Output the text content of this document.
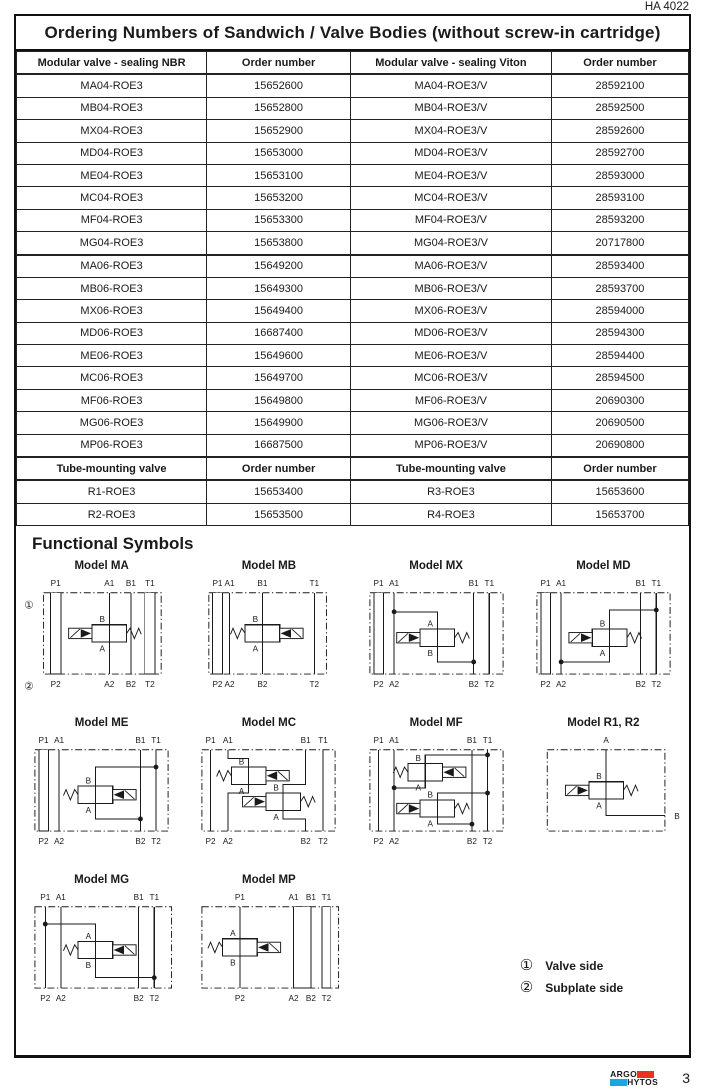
HA 4022
Ordering Numbers of Sandwich / Valve Bodies (without screw-in cartridge)
Modular valve - sealing NBR	Order number	Modular valve - sealing Viton	Order number
MA04-ROE3	15652600	MA04-ROE3/V	28592100
MB04-ROE3	15652800	MB04-ROE3/V	28592500
MX04-ROE3	15652900	MX04-ROE3/V	28592600
MD04-ROE3	15653000	MD04-ROE3/V	28592700
ME04-ROE3	15653100	ME04-ROE3/V	28593000
MC04-ROE3	15653200	MC04-ROE3/V	28593100
MF04-ROE3	15653300	MF04-ROE3/V	28593200
MG04-ROE3	15653800	MG04-ROE3/V	20717800
MA06-ROE3	15649200	MA06-ROE3/V	28593400
MB06-ROE3	15649300	MB06-ROE3/V	28593700
MX06-ROE3	15649400	MX06-ROE3/V	28594000
MD06-ROE3	16687400	MD06-ROE3/V	28594300
ME06-ROE3	15649600	ME06-ROE3/V	28594400
MC06-ROE3	15649700	MC06-ROE3/V	28594500
MF06-ROE3	15649800	MF06-ROE3/V	20690300
MG06-ROE3	15649900	MG06-ROE3/V	20690500
MP06-ROE3	16687500	MP06-ROE3/V	20690800
Tube-mounting valve	Order number	Tube-mounting valve	Order number
R1-ROE3	15653400	R3-ROE3	15653600
R2-ROE3	15653500	R4-ROE3	15653700
Functional Symbols
Model MA
B
A
P1	A1 B1 T1
P2	A2 B2 T2
①
②
Model MB
B
A
P1 A1 B1	T1
P2 A2 B2	T2
Model MX
A
B
P1 A1	B1 T1
P2 A2	B2 T2
Model MD
B
A
P1 A1	B1 T1
P2 A2	B2 T2
Model ME
B
A
P1 A1	B1 T1
P2 A2	B2 T2
Model MC
B
A	B
A
P1 A1	B1 T1
P2 A2	B2 T2
Model MF
B
A
B
A
P1 A1	B1 T1
P2 A2	B2 T2
Model R1, R2
B
A
A
B
Model MG
A
B
P1 A1	B1 T1
P2 A2	B2 T2
Model MP
A
B
P1	A1 B1 T1
P2	A2 B2 T2
① Valve side
② Subplate side
ARGO
HYTOS 3
